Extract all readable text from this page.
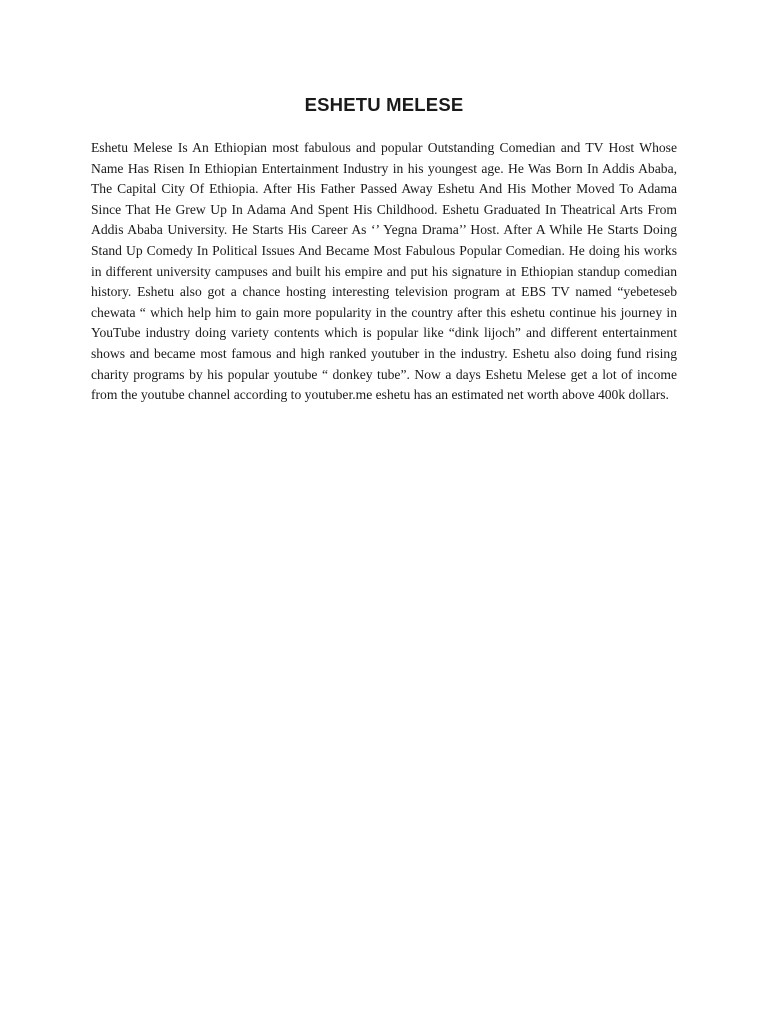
ESHETU MELESE

Eshetu Melese Is An Ethiopian most fabulous and popular Outstanding Comedian and TV Host Whose Name Has Risen In Ethiopian Entertainment Industry in his youngest age. He Was Born In Addis Ababa, The Capital City Of Ethiopia. After His Father Passed Away Eshetu And His Mother Moved To Adama Since That He Grew Up In Adama And Spent His Childhood. Eshetu Graduated In Theatrical Arts From Addis Ababa University. He Starts His Career As ‘’ Yegna Drama’’ Host. After A While He Starts Doing Stand Up Comedy In Political Issues And Became Most Fabulous Popular Comedian. He doing his works in different university campuses and built his empire and put his signature in Ethiopian standup comedian history. Eshetu also got a chance hosting interesting television program at EBS TV named “yebeteseb chewata “ which help him to gain more popularity in the country after this eshetu continue his journey in YouTube industry doing variety contents which is popular like “dink lijoch” and different entertainment shows and became most famous and high ranked youtuber in the industry. Eshetu also doing fund rising charity programs by his popular youtube “ donkey tube”. Now a days Eshetu Melese get a lot of income from the youtube channel according to youtuber.me eshetu has an estimated net worth above 400k dollars.
